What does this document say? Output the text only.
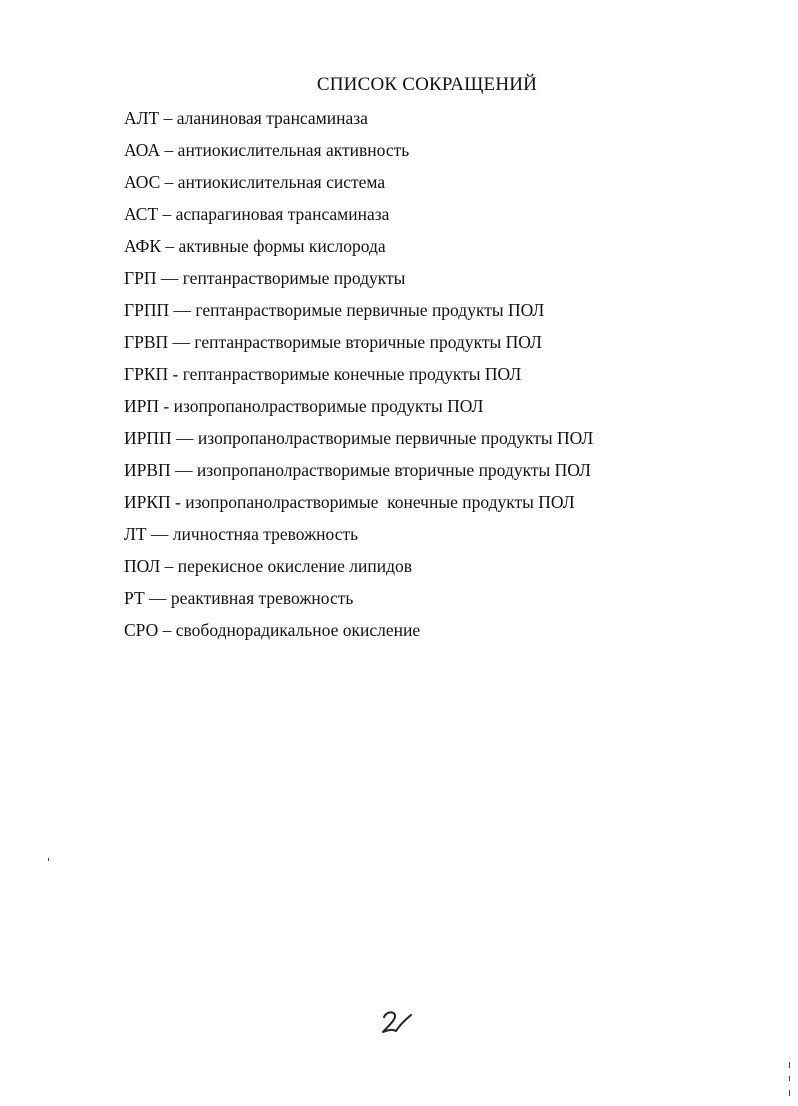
СПИСОК СОКРАЩЕНИЙ
АЛТ – аланиновая трансаминаза
АОА – антиокислительная активность
АОС – антиокислительная система
АСТ – аспарагиновая трансаминаза
АФК – активные формы кислорода
ГРП — гептанрастворимые продукты
ГРПП — гептанрастворимые первичные продукты ПОЛ
ГРВП — гептанрастворимые вторичные продукты ПОЛ
ГРКП - гептанрастворимые конечные продукты ПОЛ
ИРП - изопропанолрастворимые продукты ПОЛ
ИРПП — изопропанолрастворимые первичные продукты ПОЛ
ИРВП — изопропанолрастворимые вторичные продукты ПОЛ
ИРКП - изопропанолрастворимые  конечные продукты ПОЛ
ЛТ — личностняа тревожность
ПОЛ – перекисное окисление липидов
РТ — реактивная тревожность
СРО – свободнорадикальное окисление
